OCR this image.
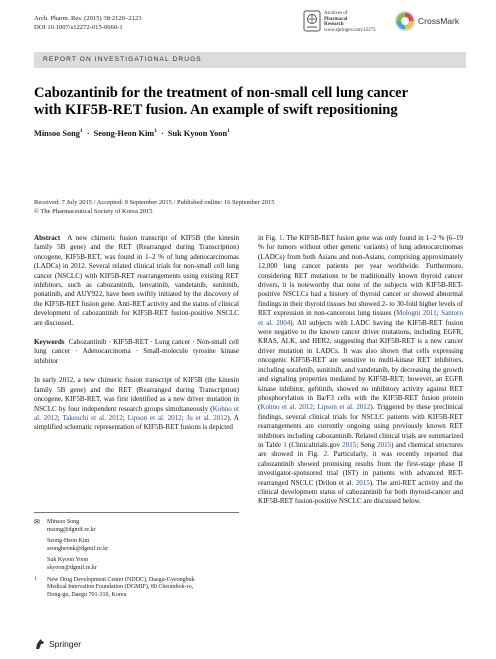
Arch. Pharm. Res. (2015) 38:2120–2123
DOI 10.1007/s12272-015-0660-1
Archives of
Pharmacal
Research
www.springer.com/12272
CrossMark
REPORT ON INVESTIGATIONAL DRUGS
Cabozantinib for the treatment of non-small cell lung cancer
with KIF5B-RET fusion. An example of swift repositioning
Minsoo Song$^1$ · Seong-Heon Kim$^1$ · Suk Kyoon Yoon$^1$
Received: 7 July 2015 / Accepted: 9 September 2015 / Published online: 16 September 2015
© The Pharmaceutical Society of Korea 2015

Abstract A new chimeric fusion transcript of KIF5B (the kinesin family 5B gene) and the RET (Rearranged during Transcription) oncogene, KIF5B-RET, was found in 1–2 % of lung adenocarcinomas (LADCs) in 2012. Several related clinical trials for non-small cell lung cancer (NSCLC) with KIF5B-RET rearrangements using existing RET inhibitors, such as cabozantinib, lenvatinib, vandetanib, sunitinib, ponatinib, and AUY922, have been swiftly initiated by the discovery of the KIF5B-RET fusion gene. Anti-RET activity and the status of clinical development of cabozantinib for KIF5B-RET fusion-positive NSCLC are discussed.

Keywords Cabozantinib · KIF5B-RET · Lung cancer · Non-small cell lung cancer · Adenocarcinoma · Small-molecule tyrosine kinase inhibitor

In early 2012, a new chimeric fusion transcript of KIF5B (the kinesin family 5B gene) and the RET (Rearranged during Transcription) oncogene, KIF5B-RET, was first identified as a new driver mutation in NSCLC by four independent research groups simultaneously (Kohno et al. 2012; Takeuchi et al. 2012; Lipson et al. 2012; Ju et al. 2012). A simplified schematic representation of KIF5B-RET fusions is depicted

✉ Minsoo Song
msong@dgmif.re.kr
Seong-Heon Kim
seongheonk@dgmif.re.kr
Suk Kyoon Yoon
skyoon@dgmif.re.kr
1 New Drug Development Center (NDDC), Daegu-Gyeongbuk
Medical Innovation Foundation (DGMIF), 80 Cheombok-ro,
Dong-gu, Daegu 701-310, Korea

in Fig. 1. The KIF5B-RET fusion gene was only found in 1–2 % (6–19 % for tumors without other genetic variants) of lung adenocarcinomas (LADCs) from both Asians and non-Asians, comprising approximately 12,000 lung cancer patients per year worldwide. Furthermore, considering RET mutations to be traditionally known thyroid cancer drivers, it is noteworthy that none of the subjects with KIF5B-RET-positive NSCLCs had a history of thyroid cancer or showed abnormal findings in their thyroid tissues but showed 2- to 30-fold higher levels of RET expression in non-cancerous lung tissues (Mologni 2011; Santoro et al. 2004). All subjects with LADC having the KIF5B-RET fusion were negative to the known cancer driver mutations, including EGFR, KRAS, ALK, and HER2, suggesting that KIF5B-RET is a new cancer driver mutation in LADCs. It was also shown that cells expressing oncogenic KIF5B-RET are sensitive to multi-kinase RET inhibitors, including sorafenib, sunitinib, and vandetanib, by decreasing the growth and signaling properties mediated by KIF5B-RET; however, an EGFR kinase inhibitor, gefitinib, showed no inhibitory activity against RET phosphorylation in Ba/F3 cells with the KIF5B-RET fusion protein (Kohno et al. 2012; Lipson et al. 2012). Triggered by these preclinical findings, several clinical trials for NSCLC patients with KIF5B-RET rearrangements are currently ongoing using previously known RET inhibitors including cabozantinib. Related clinical trials are summarized in Table 1 (Clinicaltrials.gov 2015; Song 2015) and chemical structures are showed in Fig. 2. Particularly, it was recently reported that cabozantinib showed promising results from the first-stage phase II investigator-sponsored trial (IST) in patients with advanced RET-rearranged NSCLC (Drilon et al. 2015). The anti-RET activity and the clinical development status of cabozantinib for both thyroid-cancer and KIF5B-RET fusion-positive NSCLC are discussed below.

Springer
